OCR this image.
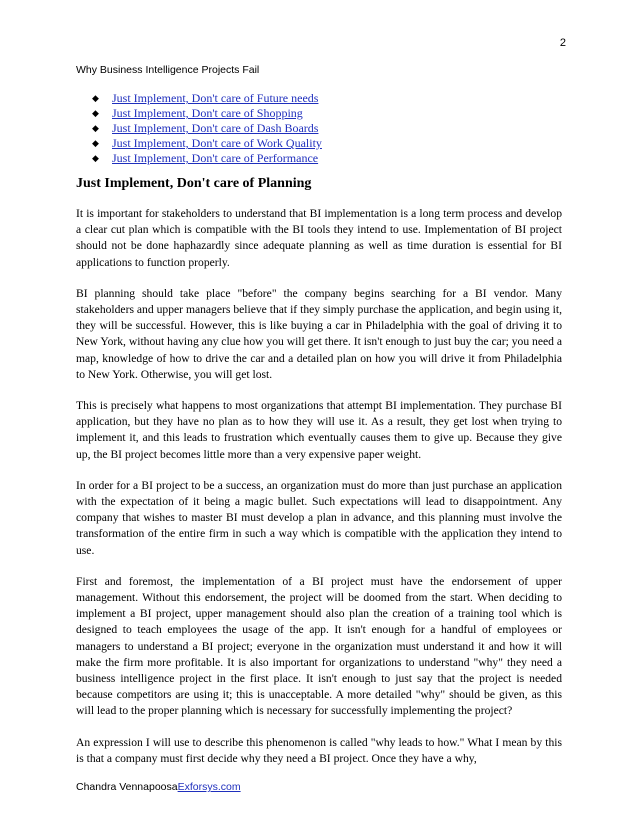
2
Why Business Intelligence Projects Fail
◆	Just Implement, Don't care of Future needs
◆	Just Implement, Don't care of Shopping
◆	Just Implement, Don't care of Dash Boards
◆	Just Implement, Don't care of Work Quality
◆	Just Implement, Don't care of Performance
Just Implement, Don't care of Planning

It is important for stakeholders to understand that BI implementation is a long term process and develop a clear cut plan which is compatible with the BI tools they intend to use. Implementation of BI project should not be done haphazardly since adequate planning as well as time duration is essential for BI applications to function properly.

BI planning should take place "before" the company begins searching for a BI vendor. Many stakeholders and upper managers believe that if they simply purchase the application, and begin using it, they will be successful. However, this is like buying a car in Philadelphia with the goal of driving it to New York, without having any clue how you will get there. It isn't enough to just buy the car; you need a map, knowledge of how to drive the car and a detailed plan on how you will drive it from Philadelphia to New York. Otherwise, you will get lost.

This is precisely what happens to most organizations that attempt BI implementation. They purchase BI application, but they have no plan as to how they will use it. As a result, they get lost when trying to implement it, and this leads to frustration which eventually causes them to give up. Because they give up, the BI project becomes little more than a very expensive paper weight.

In order for a BI project to be a success, an organization must do more than just purchase an application with the expectation of it being a magic bullet. Such expectations will lead to disappointment. Any company that wishes to master BI must develop a plan in advance, and this planning must involve the transformation of the entire firm in such a way which is compatible with the application they intend to use.

First and foremost, the implementation of a BI project must have the endorsement of upper management. Without this endorsement, the project will be doomed from the start. When deciding to implement a BI project, upper management should also plan the creation of a training tool which is designed to teach employees the usage of the app. It isn't enough for a handful of employees or managers to understand a BI project; everyone in the organization must understand it and how it will make the firm more profitable. It is also important for organizations to understand "why" they need a business intelligence project in the first place. It isn't enough to just say that the project is needed because competitors are using it; this is unacceptable. A more detailed "why" should be given, as this will lead to the proper planning which is necessary for successfully implementing the project?

An expression I will use to describe this phenomenon is called "why leads to how." What I mean by this is that a company must first decide why they need a BI project. Once they have a why,

Chandra VennapoosaExforsys.com
